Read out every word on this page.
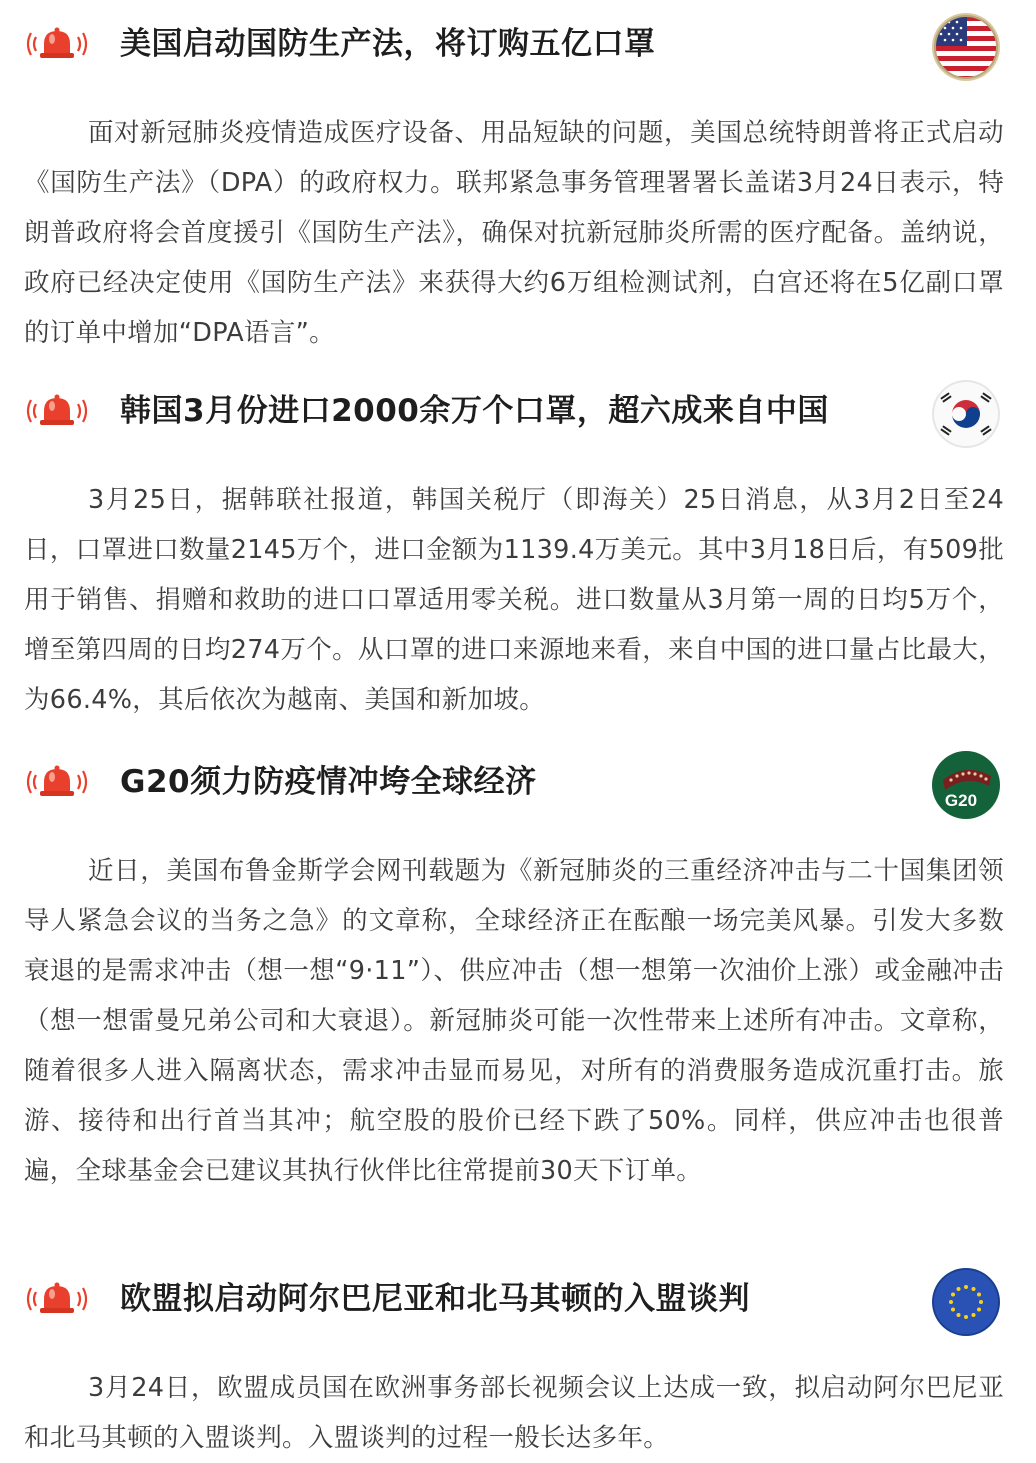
美国启动国防生产法，将订购五亿口罩

面对新冠肺炎疫情造成医疗设备、用品短缺的问题，美国总统特朗普将正式启动《国防生产法》（DPA）的政府权力。联邦紧急事务管理署署长盖诺3月24日表示，特朗普政府将会首度援引《国防生产法》，确保对抗新冠肺炎所需的医疗配备。盖纳说，政府已经决定使用《国防生产法》来获得大约6万组检测试剂，白宫还将在5亿副口罩的订单中增加“DPA语言”。

韩国3月份进口2000余万个口罩，超六成来自中国

3月25日，据韩联社报道，韩国关税厅（即海关）25日消息，从3月2日至24日，口罩进口数量2145万个，进口金额为1139.4万美元。其中3月18日后，有509批用于销售、捐赠和救助的进口口罩适用零关税。进口数量从3月第一周的日均5万个，增至第四周的日均274万个。从口罩的进口来源地来看，来自中国的进口量占比最大，为66.4%，其后依次为越南、美国和新加坡。

G20须力防疫情冲垮全球经济
G20

近日，美国布鲁金斯学会网刊载题为《新冠肺炎的三重经济冲击与二十国集团领导人紧急会议的当务之急》的文章称，全球经济正在酝酿一场完美风暴。引发大多数衰退的是需求冲击（想一想“9·11”）、供应冲击（想一想第一次油价上涨）或金融冲击（想一想雷曼兄弟公司和大衰退）。新冠肺炎可能一次性带来上述所有冲击。文章称，随着很多人进入隔离状态，需求冲击显而易见，对所有的消费服务造成沉重打击。旅游、接待和出行首当其冲；航空股的股价已经下跌了50%。同样，供应冲击也很普遍，全球基金会已建议其执行伙伴比往常提前30天下订单。

欧盟拟启动阿尔巴尼亚和北马其顿的入盟谈判

3月24日，欧盟成员国在欧洲事务部长视频会议上达成一致，拟启动阿尔巴尼亚和北马其顿的入盟谈判。入盟谈判的过程一般长达多年。
